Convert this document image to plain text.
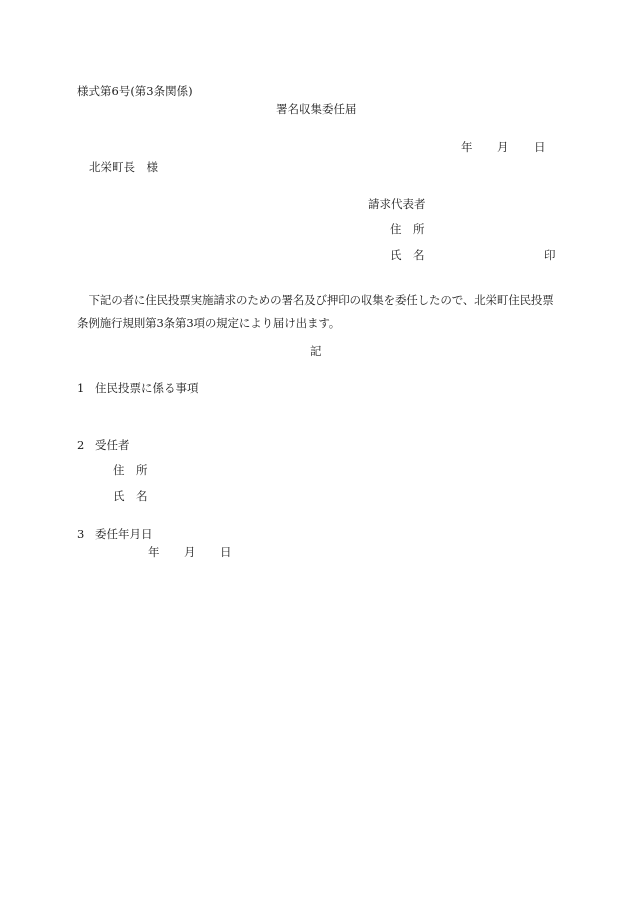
様式第6号(第3条関係)
署名収集委任届
年 月 日
北栄町長　様
請求代表者
住　所
氏　名	印
下記の者に住民投票実施請求のための署名及び押印の収集を委任したので、北栄町住民投票条例施行規則第3条第3項の規定により届け出ます。
記
1 住民投票に係る事項
2 受任者
住　所
氏　名
3 委任年月日
年 月 日
